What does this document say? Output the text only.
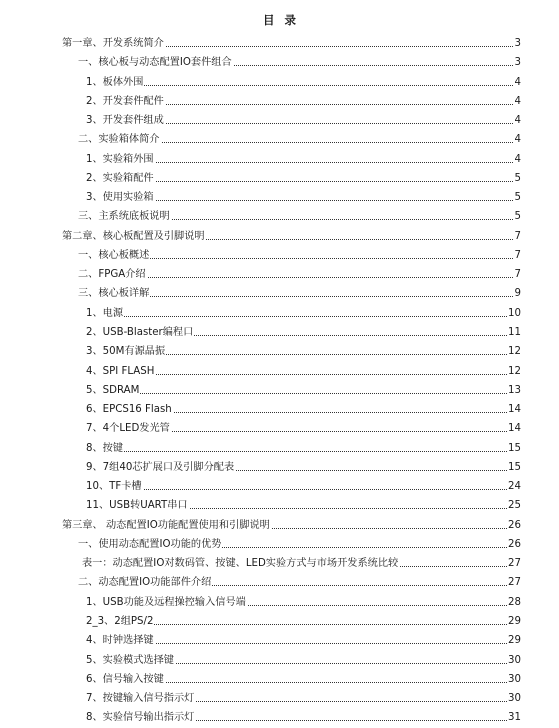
目录
第一章、开发系统简介	3
一、核心板与动态配置IO套件组合	3
1、板体外围	4
2、开发套件配件	4
3、开发套件组成	4
二、实验箱体简介	4
1、实验箱外围	4
2、实验箱配件	5
3、使用实验箱	5
三、主系统底板说明	5
第二章、核心板配置及引脚说明	7
一、核心板概述	7
二、FPGA介绍	7
三、核心板详解	9
1、电源	10
2、USB-Blaster编程口	11
3、50M有源晶振	12
4、SPI FLASH	12
5、SDRAM	13
6、EPCS16 Flash	14
7、4个LED发光管	14
8、按键	15
9、7组40芯扩展口及引脚分配表	15
10、TF卡槽	24
11、USB转UART串口	25
第三章、 动态配置IO功能配置使用和引脚说明	26
一、使用动态配置IO功能的优势	26
表一：动态配置IO对数码管、按键、LED实验方式与市场开发系统比较	27
二、动态配置IO功能部件介绍	27
1、USB功能及远程操控输入信号端	28
2_3、2组PS/2	29
4、时钟选择键	29
5、实验模式选择键	30
6、信号输入按键	30
7、按键输入信号指示灯	30
8、实验信号输出指示灯	31
